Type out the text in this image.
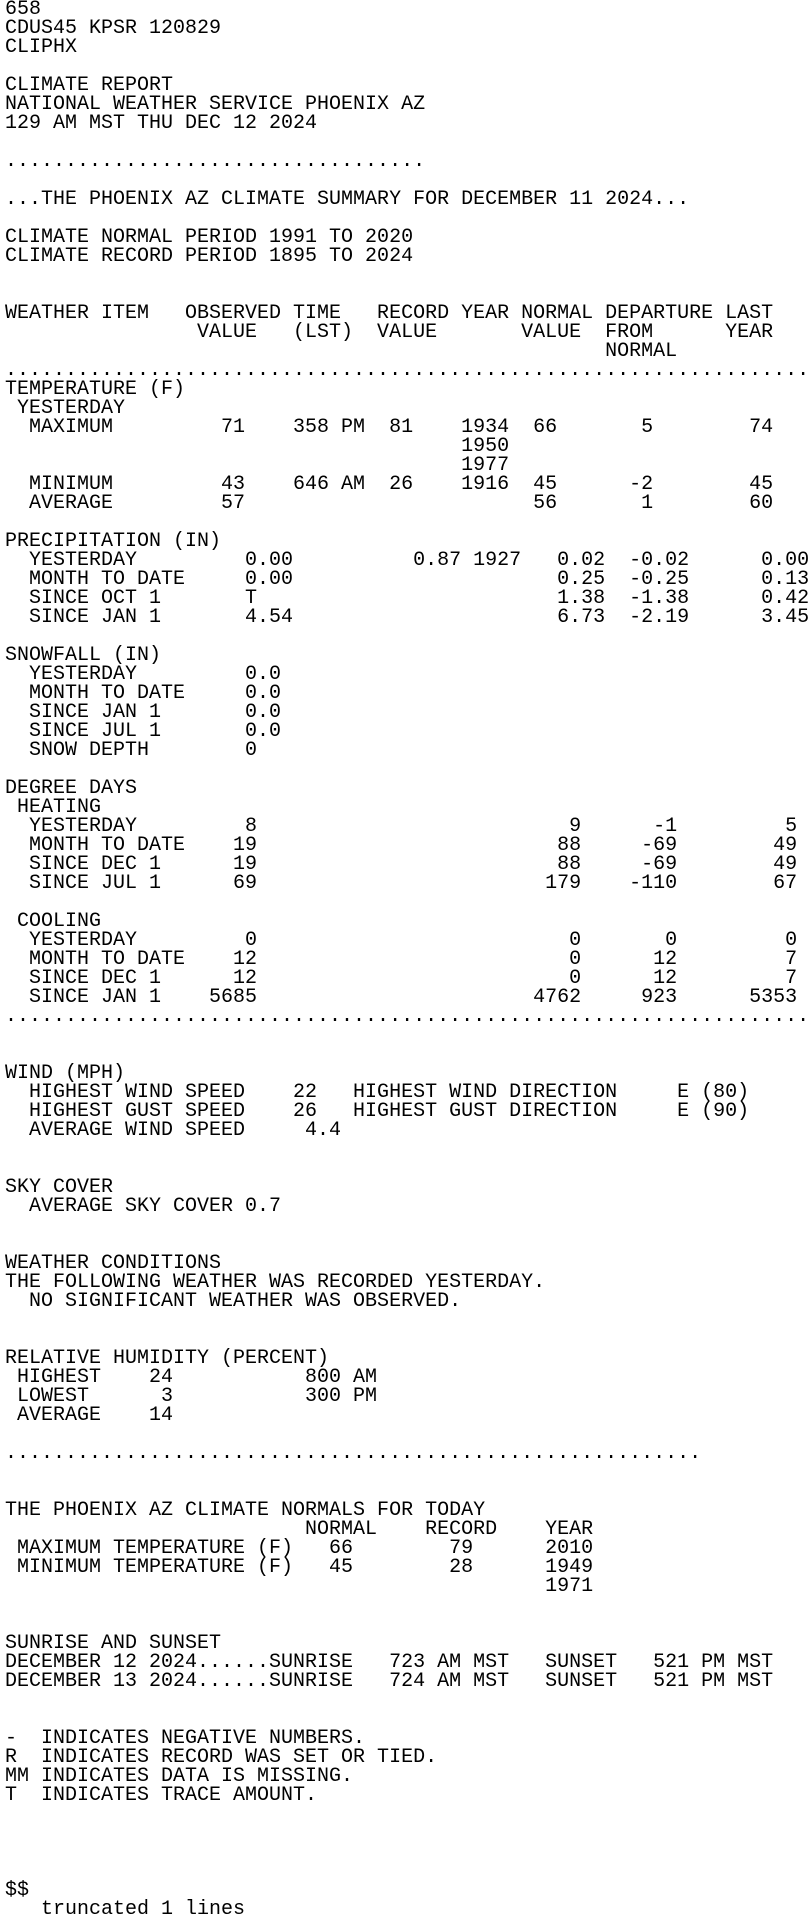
658
CDUS45 KPSR 120829
CLIPHX
CLIMATE REPORT
NATIONAL WEATHER SERVICE PHOENIX AZ
129 AM MST THU DEC 12 2024
...................................
...THE PHOENIX AZ CLIMATE SUMMARY FOR DECEMBER 11 2024...
CLIMATE NORMAL PERIOD 1991 TO 2020
CLIMATE RECORD PERIOD 1895 TO 2024
WEATHER ITEM   OBSERVED TIME   RECORD YEAR NORMAL DEPARTURE LAST
VALUE   (LST)  VALUE       VALUE  FROM      YEAR
NORMAL
...................................................................
TEMPERATURE (F)
YESTERDAY
MAXIMUM         71    358 PM  81    1934  66       5        74
1950
1977
MINIMUM         43    646 AM  26    1916  45      -2        45
AVERAGE         57                        56       1        60
PRECIPITATION (IN)
YESTERDAY         0.00          0.87 1927   0.02  -0.02      0.00
MONTH TO DATE     0.00                      0.25  -0.25      0.13
SINCE OCT 1       T                         1.38  -1.38      0.42
SINCE JAN 1       4.54                      6.73  -2.19      3.45
SNOWFALL (IN)
YESTERDAY         0.0
MONTH TO DATE     0.0
SINCE JAN 1       0.0
SINCE JUL 1       0.0
SNOW DEPTH        0
DEGREE DAYS
HEATING
YESTERDAY         8                          9      -1         5
MONTH TO DATE    19                         88     -69        49
SINCE DEC 1      19                         88     -69        49
SINCE JUL 1      69                        179    -110        67
COOLING
YESTERDAY         0                          0       0         0
MONTH TO DATE    12                          0      12         7
SINCE DEC 1      12                          0      12         7
SINCE JAN 1    5685                       4762     923      5353
...................................................................
WIND (MPH)
HIGHEST WIND SPEED    22   HIGHEST WIND DIRECTION     E (80)
HIGHEST GUST SPEED    26   HIGHEST GUST DIRECTION     E (90)
AVERAGE WIND SPEED     4.4
SKY COVER
AVERAGE SKY COVER 0.7
WEATHER CONDITIONS
THE FOLLOWING WEATHER WAS RECORDED YESTERDAY.
NO SIGNIFICANT WEATHER WAS OBSERVED.
RELATIVE HUMIDITY (PERCENT)
HIGHEST    24           800 AM
LOWEST      3           300 PM
AVERAGE    14
..........................................................
THE PHOENIX AZ CLIMATE NORMALS FOR TODAY
NORMAL    RECORD    YEAR
MAXIMUM TEMPERATURE (F)   66        79      2010
MINIMUM TEMPERATURE (F)   45        28      1949
1971
SUNRISE AND SUNSET
DECEMBER 12 2024......SUNRISE   723 AM MST   SUNSET   521 PM MST
DECEMBER 13 2024......SUNRISE   724 AM MST   SUNSET   521 PM MST
-  INDICATES NEGATIVE NUMBERS.
R  INDICATES RECORD WAS SET OR TIED.
MM INDICATES DATA IS MISSING.
T  INDICATES TRACE AMOUNT.
$$
truncated 1 lines
